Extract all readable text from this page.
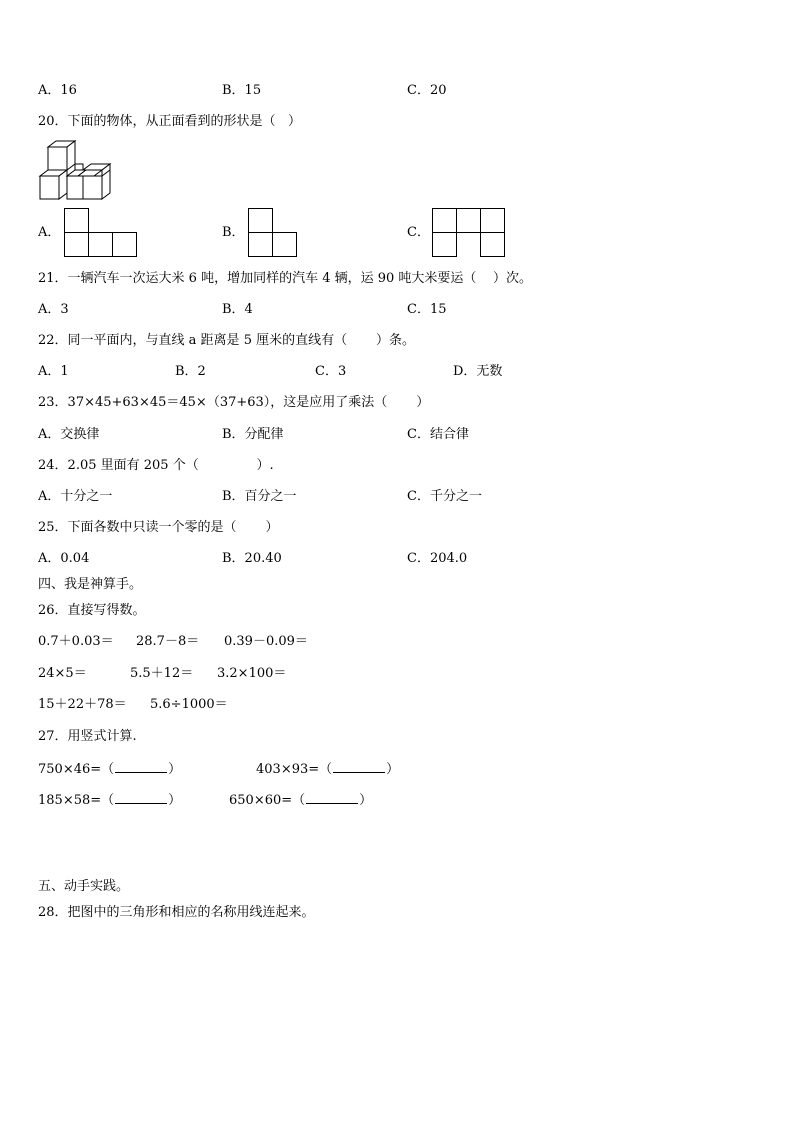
A．16	B．15	C．20
20．下面的物体，从正面看到的形状是（   ）
A．	B．	C．
21．一辆汽车一次运大米 6 吨，增加同样的汽车 4 辆，运 90 吨大米要运（    ）次。
A．3	B．4	C．15
22．同一平面内，与直线 a 距离是 5 厘米的直线有（       ）条。
A．1	B．2	C．3	D．无数
23．37×45+63×45＝45×（37+63），这是应用了乘法（       ）
A．交换律	B．分配律	C．结合律
24．2.05 里面有 205 个（              ）.
A．十分之一	B．百分之一	C．千分之一
25．下面各数中只读一个零的是（       ）
A．0.04	B．20.40	C．204.0
四、我是神算手。
26．直接写得数。
0.7＋0.03＝ 28.7－8＝ 0.39－0.09＝
24×5＝	5.5＋12＝ 3.2×100＝
15＋22＋78＝ 5.6÷1000＝
27．用竖式计算.
750×46=（	）	403×93=（	）
185×58=（	）	650×60=（	）
五、动手实践。
28．把图中的三角形和相应的名称用线连起来。
